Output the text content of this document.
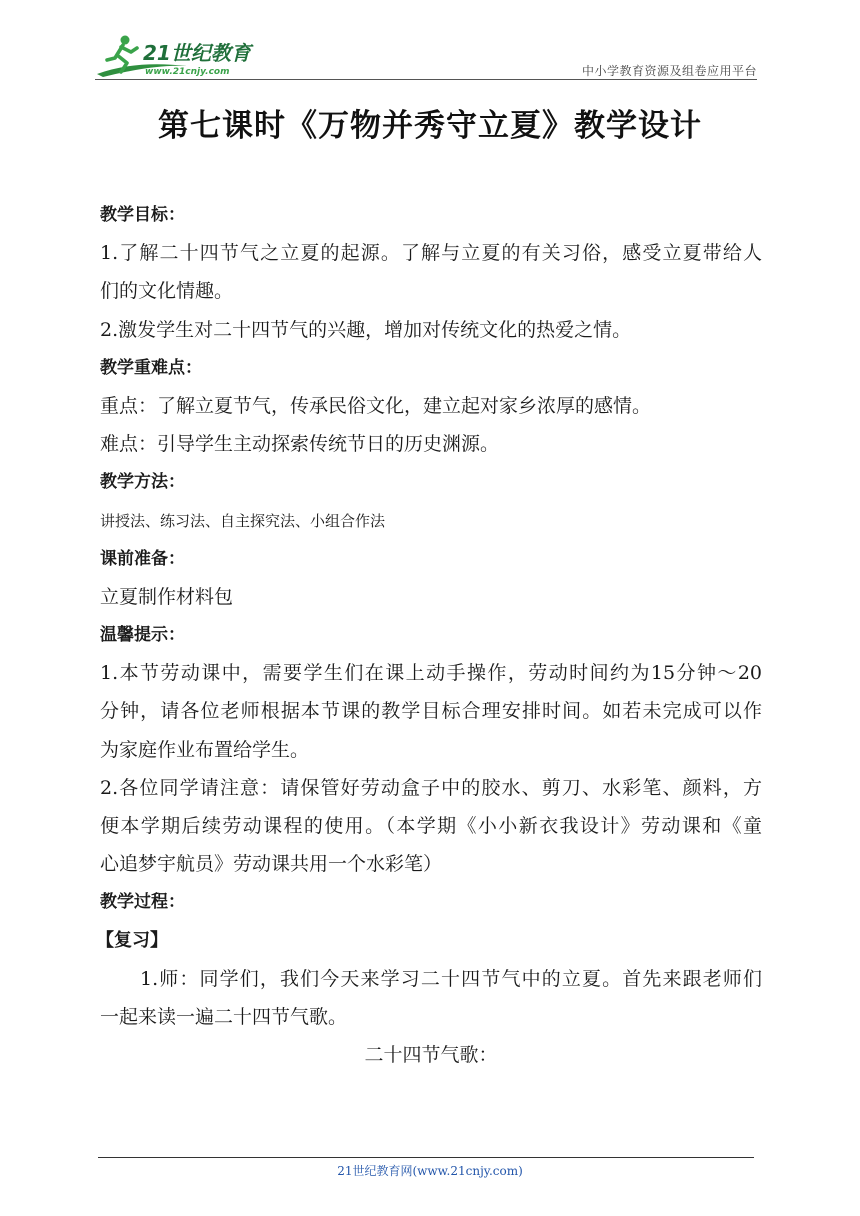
21世纪教育
www.21cnjy.com	中小学教育资源及组卷应用平台
第七课时《万物并秀守立夏》教学设计
教学目标：
1.了解二十四节气之立夏的起源。了解与立夏的有关习俗，感受立夏带给人
们的文化情趣。
2.激发学生对二十四节气的兴趣，增加对传统文化的热爱之情。
教学重难点：
重点：了解立夏节气，传承民俗文化，建立起对家乡浓厚的感情。
难点：引导学生主动探索传统节日的历史渊源。
教学方法：
讲授法、练习法、自主探究法、小组合作法
课前准备：
立夏制作材料包
温馨提示：
1.本节劳动课中，需要学生们在课上动手操作，劳动时间约为15分钟～20
分钟，请各位老师根据本节课的教学目标合理安排时间。如若未完成可以作
为家庭作业布置给学生。
2.各位同学请注意：请保管好劳动盒子中的胶水、剪刀、水彩笔、颜料，方
便本学期后续劳动课程的使用。（本学期《小小新衣我设计》劳动课和《童
心追梦宇航员》劳动课共用一个水彩笔）
教学过程：
【复习】
1.师：同学们，我们今天来学习二十四节气中的立夏。首先来跟老师们
一起来读一遍二十四节气歌。
二十四节气歌：
21世纪教育网(www.21cnjy.com)
